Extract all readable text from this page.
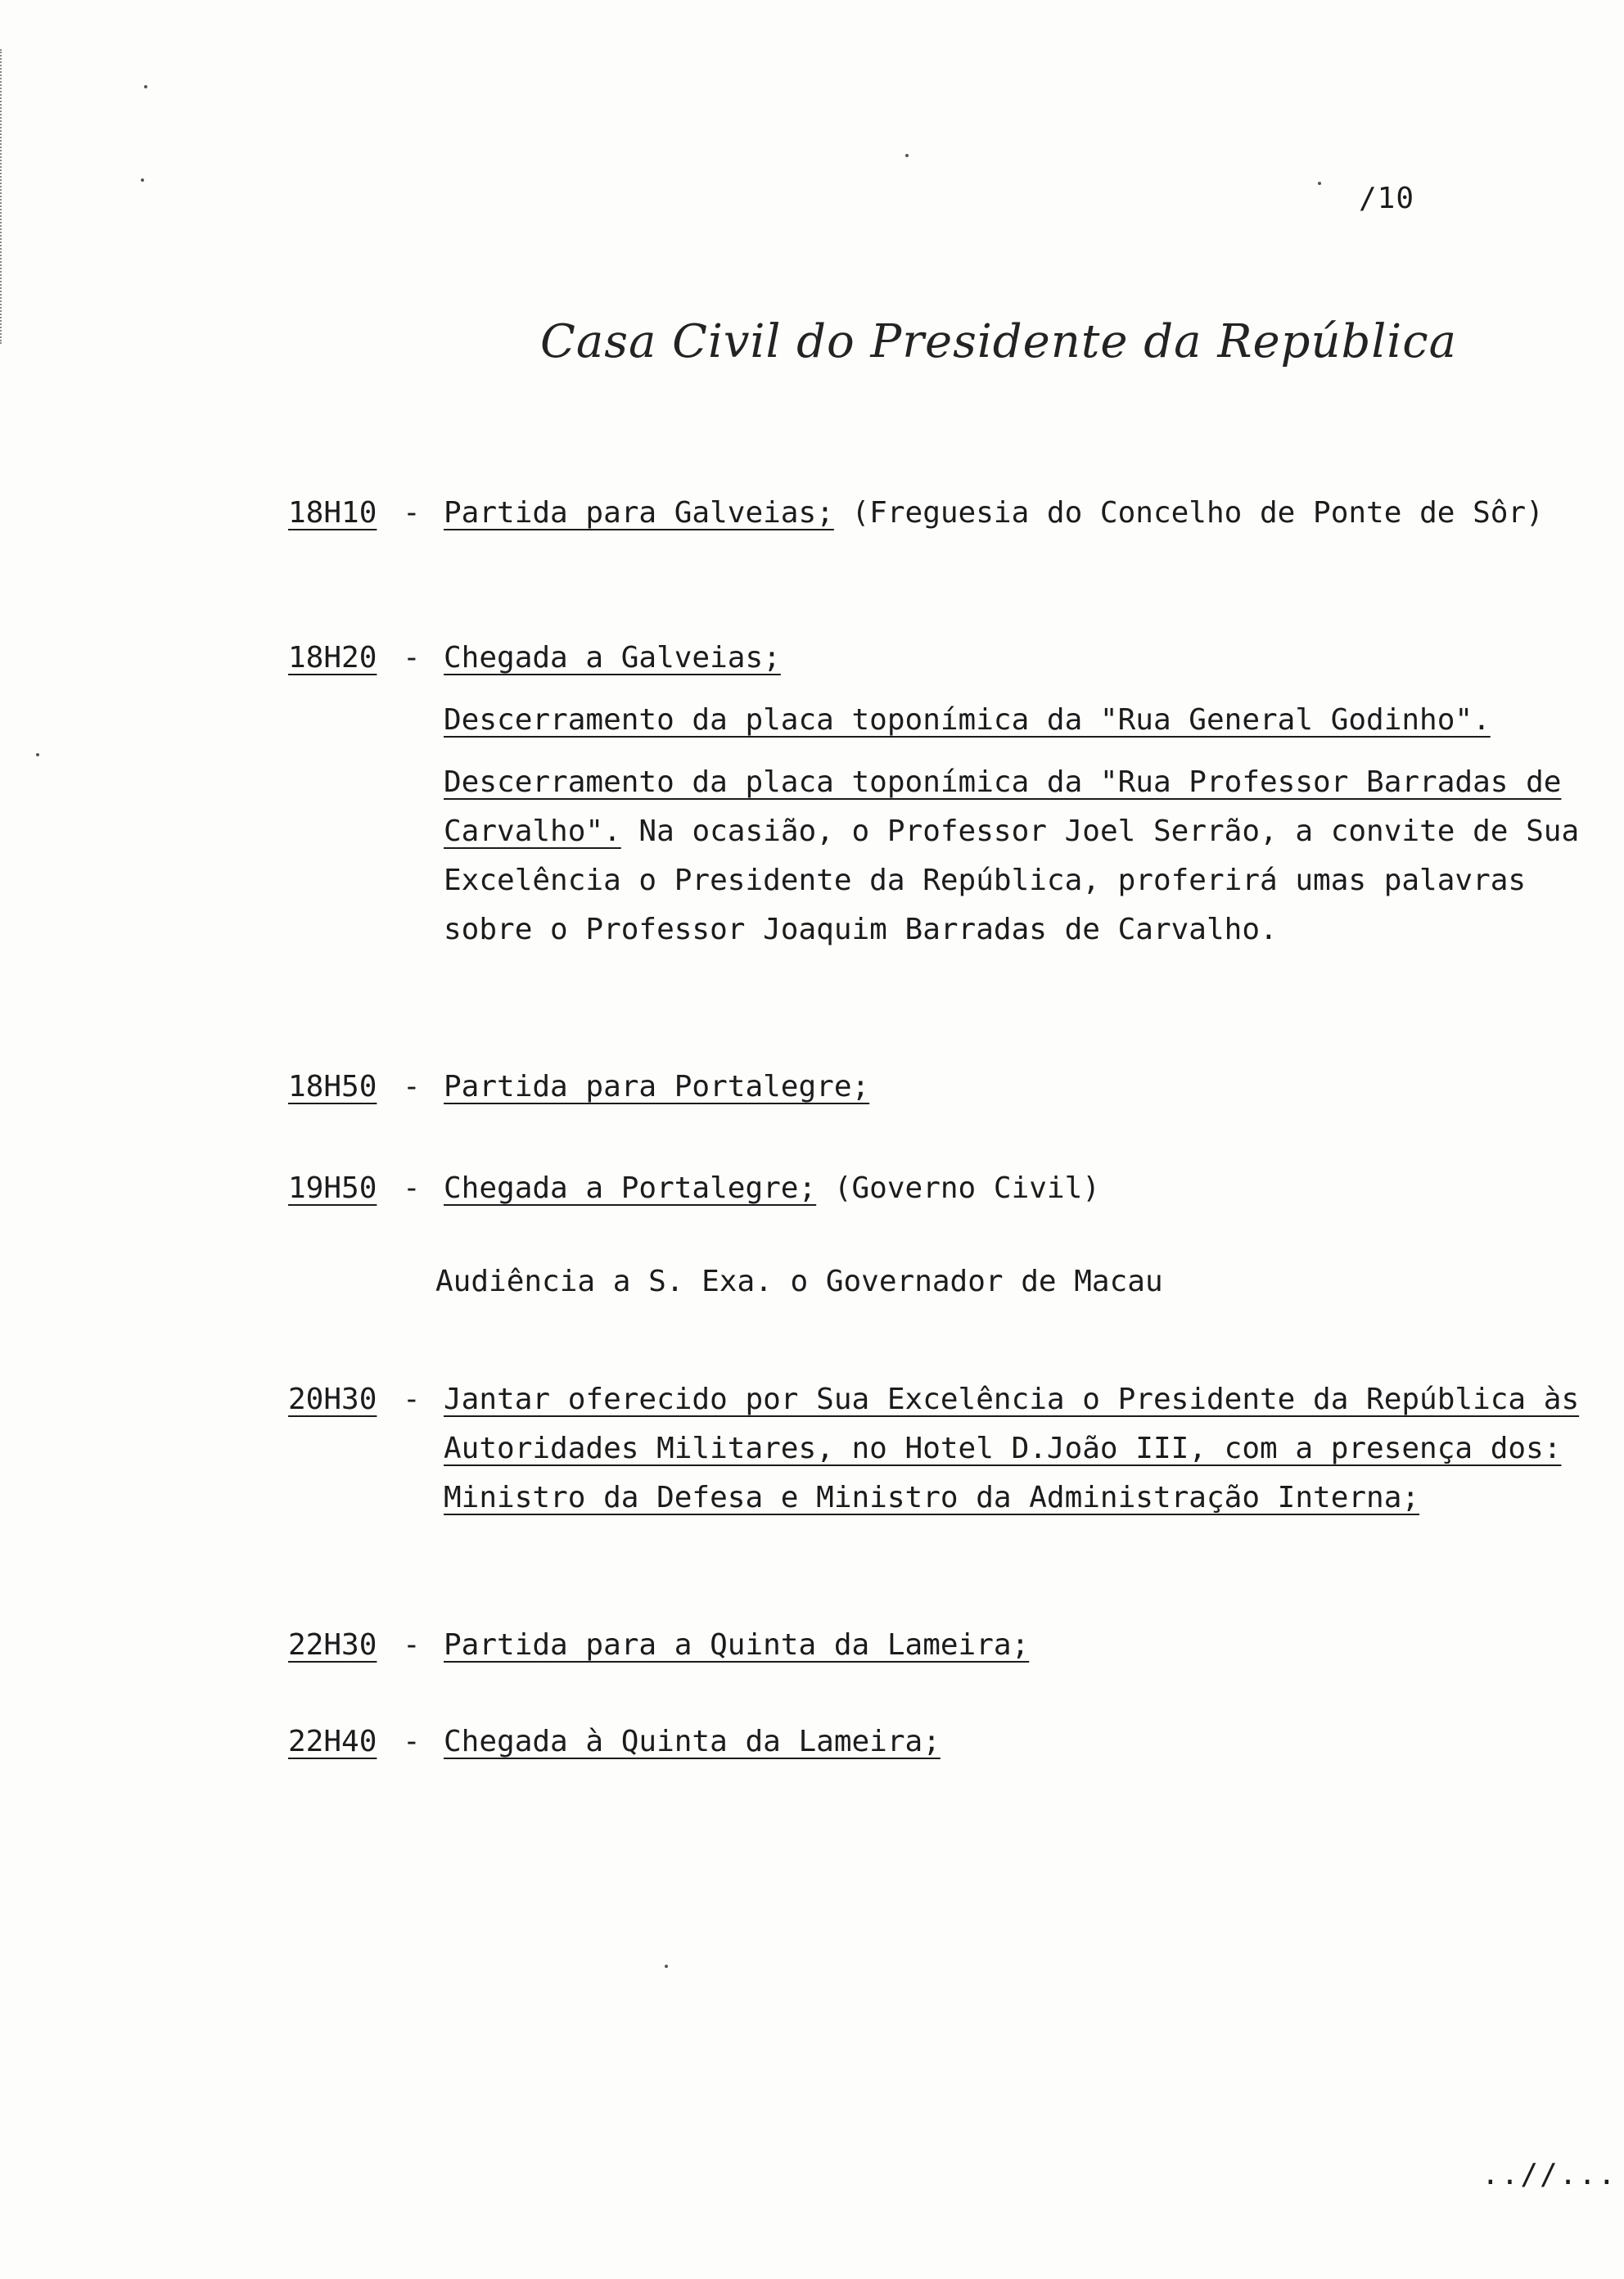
/10
Casa Civil do Presidente da República
18H10 - Partida para Galveias; (Freguesia do Concelho de Ponte de Sôr)
18H20 - Chegada a Galveias;

Descerramento da placa toponímica da "Rua General Godinho".

Descerramento da placa toponímica da "Rua Professor Barradas de Carvalho". Na ocasião, o Professor Joel Serrão, a convite de Sua Excelência o Presidente da República, proferirá umas palavras sobre o Professor Joaquim Barradas de Carvalho.

18H50 - Partida para Portalegre;
19H50 - Chegada a Portalegre; (Governo Civil)
Audiência a S. Exa. o Governador de Macau
20H30 - Jantar oferecido por Sua Excelência o Presidente da República às Autoridades Militares, no Hotel D.João III, com a presença dos: Ministro da Defesa e Ministro da Administração Interna;
22H30 - Partida para a Quinta da Lameira;
22H40 - Chegada à Quinta da Lameira;
..//...
